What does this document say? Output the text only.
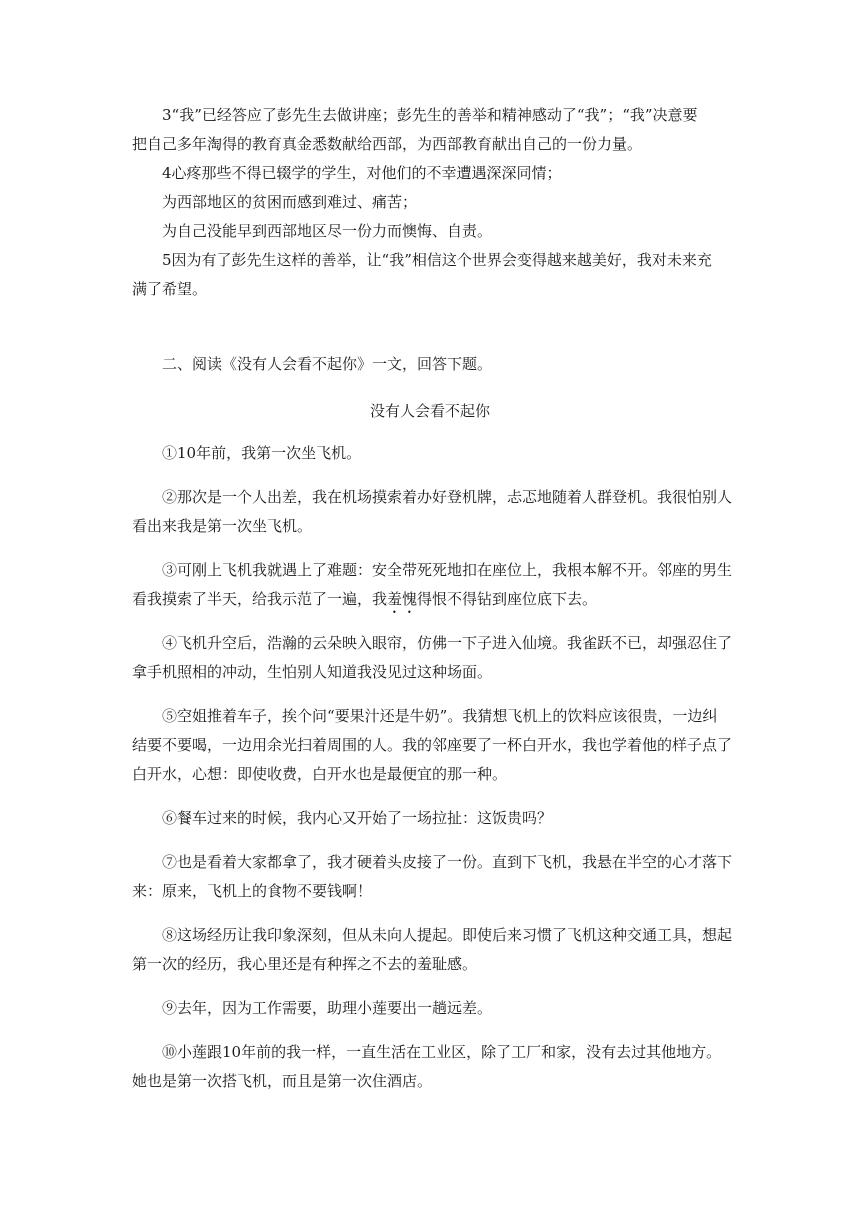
3“我”已经答应了彭先生去做讲座；彭先生的善举和精神感动了“我”；“我”决意要
把自己多年淘得的教育真金悉数献给西部，为西部教育献出自己的一份力量。
4心疼那些不得已辍学的学生，对他们的不幸遭遇深深同情；
为西部地区的贫困而感到难过、痛苦；
为自己没能早到西部地区尽一份力而懊悔、自责。
5因为有了彭先生这样的善举，让“我”相信这个世界会变得越来越美好，我对未来充
满了希望。
二、阅读《没有人会看不起你》一文，回答下题。
没有人会看不起你
①10年前，我第一次坐飞机。
②那次是一个人出差，我在机场摸索着办好登机牌，忐忑地随着人群登机。我很怕别人
看出来我是第一次坐飞机。
③可刚上飞机我就遇上了难题：安全带死死地扣在座位上，我根本解不开。邻座的男生
看我摸索了半天，给我示范了一遍，我羞愧得恨不得钻到座位底下去。
④飞机升空后，浩瀚的云朵映入眼帘，仿佛一下子进入仙境。我雀跃不已，却强忍住了
拿手机照相的冲动，生怕别人知道我没见过这种场面。
⑤空姐推着车子，挨个问“要果汁还是牛奶”。我猜想飞机上的饮料应该很贵，一边纠
结要不要喝，一边用余光扫着周围的人。我的邻座要了一杯白开水，我也学着他的样子点了
白开水，心想：即使收费，白开水也是最便宜的那一种。
⑥餐车过来的时候，我内心又开始了一场拉扯：这饭贵吗？
⑦也是看着大家都拿了，我才硬着头皮接了一份。直到下飞机，我悬在半空的心才落下
来：原来，飞机上的食物不要钱啊！
⑧这场经历让我印象深刻，但从未向人提起。即使后来习惯了飞机这种交通工具，想起
第一次的经历，我心里还是有种挥之不去的羞耻感。
⑨去年，因为工作需要，助理小莲要出一趟远差。
⑩小莲跟10年前的我一样，一直生活在工业区，除了工厂和家，没有去过其他地方。
她也是第一次搭飞机，而且是第一次住酒店。
